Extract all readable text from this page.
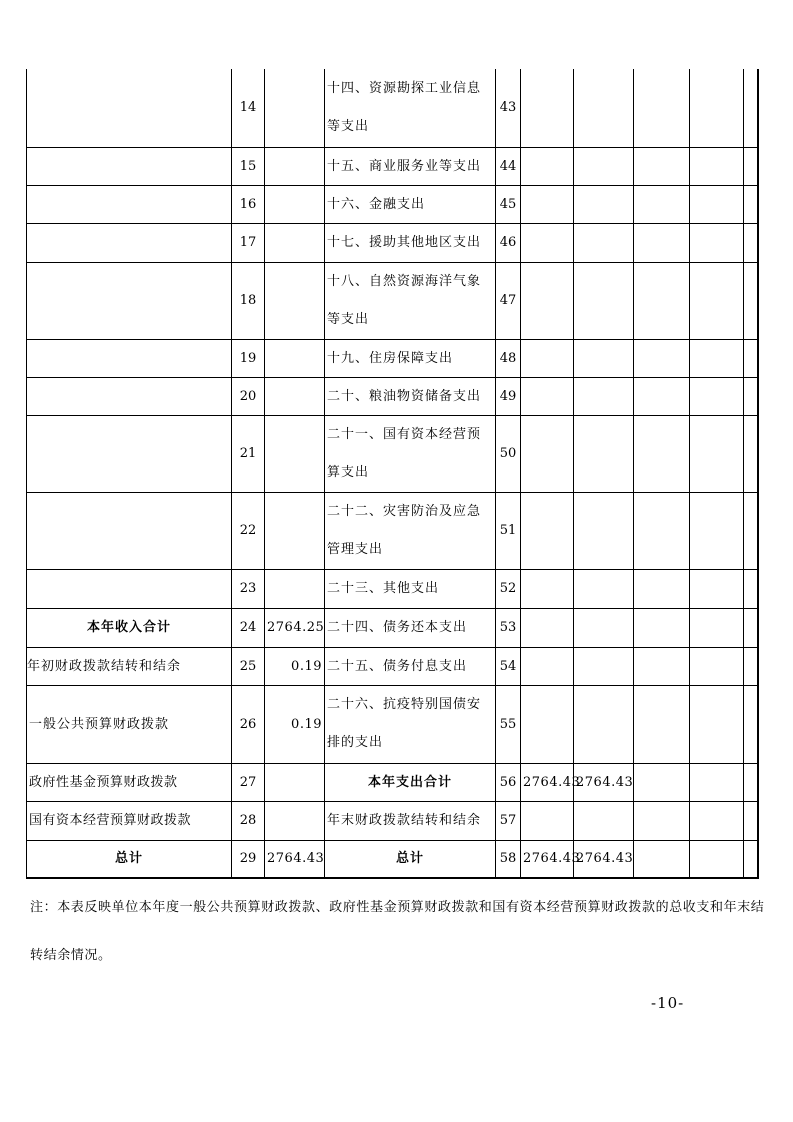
	14		十四、资源勘探工业信息等支出	43					
	15		十五、商业服务业等支出	44					
	16		十六、金融支出	45					
	17		十七、援助其他地区支出	46					
	18		十八、自然资源海洋气象等支出	47					
	19		十九、住房保障支出	48					
	20		二十、粮油物资储备支出	49					
	21		二十一、国有资本经营预算支出	50					
	22		二十二、灾害防治及应急管理支出	51					
	23		二十三、其他支出	52					
本年收入合计	24	2764.25	二十四、债务还本支出	53					
年初财政拨款结转和结余	25	0.19	二十五、债务付息支出	54					
一般公共预算财政拨款	26	0.19	二十六、抗疫特别国债安排的支出	55					
政府性基金预算财政拨款	27		本年支出合计	56	2764.43	2764.43			
国有资本经营预算财政拨款	28		年末财政拨款结转和结余	57					
总计	29	2764.43	总计	58	2764.43	2764.43			
注：本表反映单位本年度一般公共预算财政拨款、政府性基金预算财政拨款和国有资本经营预算财政拨款的总收支和年末结转结余情况。
-10-
